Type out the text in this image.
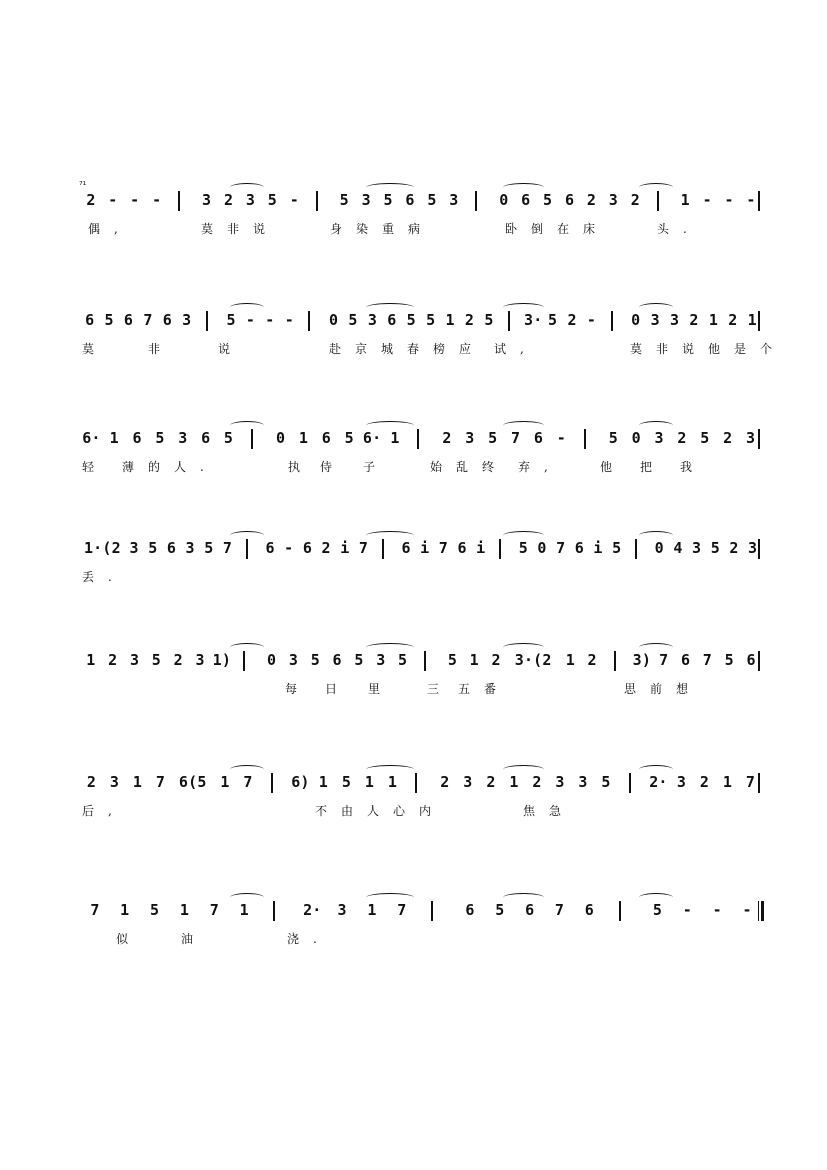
⁷¹
2 - - -	3 2 3 5 -	5 3 5 6 5 3	0 6 5 6 2 3 2	1 - - -
偶,	莫非说	身染重病	卧倒在床	头.
6 5 6 7 6 3	5 - - -	0 5 3 6 5 5 1 2 5	3· 5 2 -	0 3 3 2 1 2 1
莫	非	说	赴京城春榜应 试,	莫非说他是个
6· 1 6 5 3 6 5	0 1 6 5 6· 1	2 3 5 7 6 -	5 0 3 2 5 2 3
轻 薄的人.	执 侍	子	始乱终 弃,	他 把 我
1·(2 3 5 6 3 5 7	6 - 6 2 i 7	6 i 7 6 i	5 0 7 6 i 5	0 4 3 5 2 3
丢.
1 2 3 5 2 3 1)	0 3 5 6 5 3 5	5 1 2 3·(2 1 2	3) 7 6 7 5 6
每 日	里	三 五番	思前想
2 3 1 7 6(5 1 7	6) 1 5 1 1	2 3 2 1 2 3 3 5	2· 3 2 1 7
后,	不由人心内	焦急
7	1	5	1	7	1	2·	3	1	7	6	5	6	7	6	5	-	-	-
似	油	浇.
